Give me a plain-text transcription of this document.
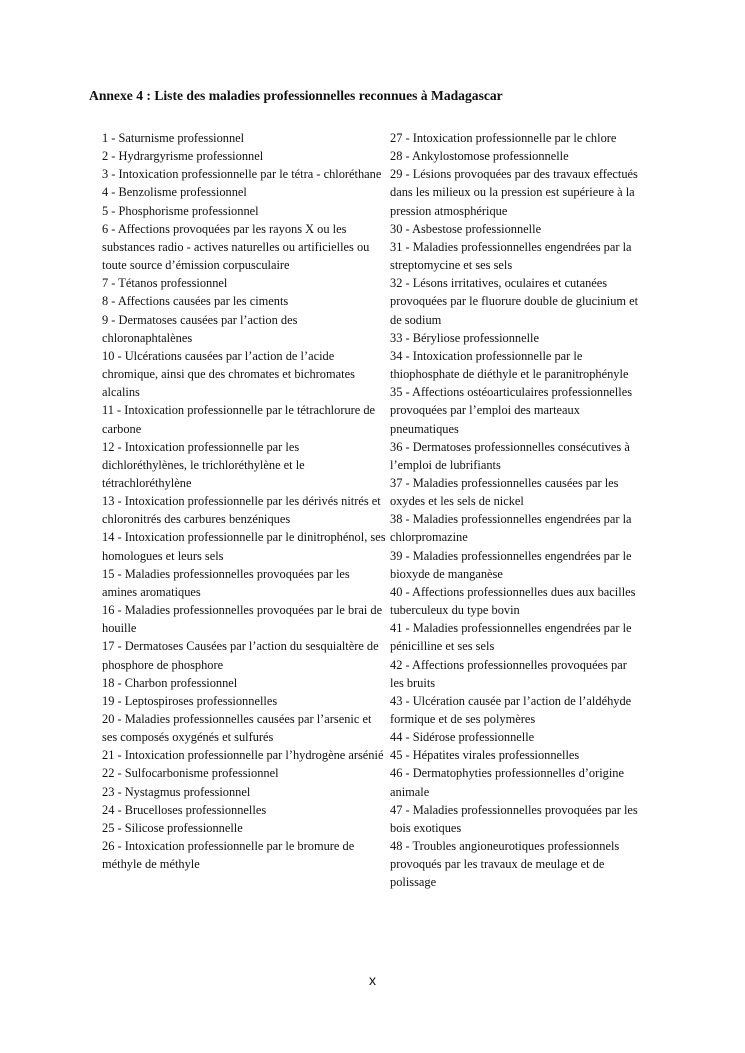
Annexe 4 : Liste des maladies professionnelles reconnues à Madagascar
1 - Saturnisme professionnel
2 - Hydrargyrisme professionnel
3 - Intoxication professionnelle par le tétra - chloréthane
4 - Benzolisme professionnel
5 - Phosphorisme professionnel
6 - Affections provoquées par les rayons X ou les substances radio - actives naturelles ou artificielles ou toute source d’émission corpusculaire
7 - Tétanos professionnel
8 - Affections causées par les ciments
9 - Dermatoses causées par l’action des chloronaphtalènes
10 - Ulcérations causées par l’action de l’acide chromique, ainsi que des chromates et bichromates alcalins
11 - Intoxication professionnelle par le tétrachlorure de carbone
12 - Intoxication professionnelle par les dichloréthylènes, le trichloréthylène et le tétrachloréthylène
13 - Intoxication professionnelle par les dérivés nitrés et chloronitrés des carbures benzéniques
14 - Intoxication professionnelle par le dinitrophénol, ses homologues et leurs sels
15 - Maladies professionnelles provoquées par les amines aromatiques
16 - Maladies professionnelles provoquées par le brai de houille
17 - Dermatoses Causées par l’action du sesquialtère de phosphore de phosphore
18 - Charbon professionnel
19 - Leptospiroses professionnelles
20 - Maladies professionnelles causées par l’arsenic et ses composés oxygénés et sulfurés
21 - Intoxication professionnelle par l’hydrogène arsénié
22 - Sulfocarbonisme professionnel
23 - Nystagmus professionnel
24 - Brucelloses professionnelles
25 - Silicose professionnelle
26 - Intoxication professionnelle par le bromure de méthyle de méthyle
27 - Intoxication professionnelle par le chlore
28 - Ankylostomose professionnelle
29 - Lésions provoquées par des travaux effectués dans les milieux ou la pression est supérieure à la pression atmosphérique
30 - Asbestose professionnelle
31 - Maladies professionnelles engendrées par la streptomycine et ses sels
32 - Lésons irritatives, oculaires et cutanées provoquées par le fluorure double de glucinium et de sodium
33 - Béryliose professionnelle
34 - Intoxication professionnelle par le thiophosphate de diéthyle et le paranitrophényle
35 - Affections ostéoarticulaires professionnelles provoquées par l’emploi des marteaux pneumatiques
36 - Dermatoses professionnelles consécutives à l’emploi de lubrifiants
37 - Maladies professionnelles causées par les oxydes et les sels de nickel
38 - Maladies professionnelles engendrées par la chlorpromazine
39 - Maladies professionnelles engendrées par le bioxyde de manganèse
40 - Affections professionnelles dues aux bacilles tuberculeux du type bovin
41 - Maladies professionnelles engendrées par le pénicilline et ses sels
42 - Affections professionnelles provoquées par les bruits
43 - Ulcération causée par l’action de l’aldéhyde formique et de ses polymères
44 - Sidérose professionnelle
45 - Hépatites virales professionnelles
46 - Dermatophyties professionnelles d’origine animale
47 - Maladies professionnelles provoquées par les bois exotiques
48 - Troubles angioneurotiques professionnels provoqués par les travaux de meulage et de polissage
x
